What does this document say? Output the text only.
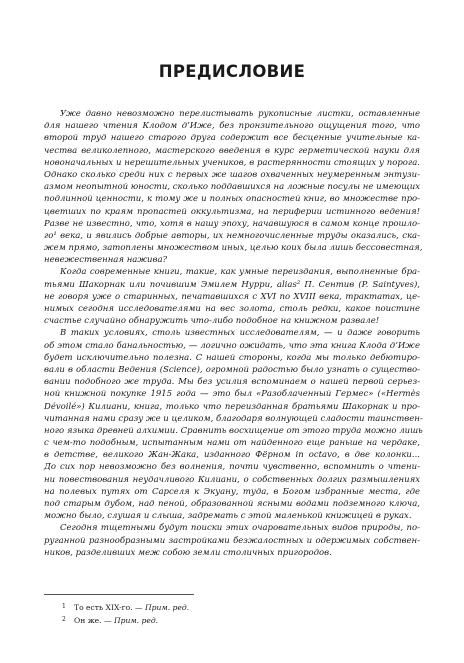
ПРЕДИСЛОВИЕ
Уже давно невозможно перелистывать рукописные листки, оставленные
для нашего чтения Клодом д’Иже, без пронзительного ощущения того, что
второй труд нашего старого друга содержит все бесценные учительные ка-
чества великолепного, мастерского введения в курс герметической науки для
новоначальных и нерешительных учеников, в растерянности стоящих у порога.
Однако сколько среди них с первых же шагов охваченных неумеренным энтузи-
азмом неопытной юности, сколько поддавшихся на ложные посулы не имеющих
подлинной ценности, к тому же и полных опасностей книг, во множестве про-
цветших по краям пропастей оккультизма, на периферии истинного ведения!
Разве не известно, что, хотя в нашу эпоху, начавшуюся в самом конце прошло-
го¹ века, и явились добрые авторы, их немногочисленные труды оказались, ска-
жем прямо, затоплены множеством иных, целью коих была лишь бессовестная,
невежественная нажива?
Когда современные книги, такие, как умные переиздания, выполненные бра-
тьями Шакорнак или почившим Эмилем Нурри, alias² П. Сентив (P. Saintyves),
не говоря уже о старинных, печатавшихся с XVI по XVIII века, трактатах, це-
нимых сегодня исследователями на вес золота, столь редки, какое поистине
счастье случайно обнаружить что-либо подобное на книжном развале!
В таких условиях, столь известных исследователям, — и даже говорить
об этом стало банальностью, — логично ожидать, что эта книга Клода д’Иже
будет исключительно полезна. С нашей стороны, когда мы только дебютиро-
вали в области Ведения (Science), огромной радостью было узнать о существо-
вании подобного же труда. Мы без усилия вспоминаем о нашей первой серьез-
ной книжной покупке 1915 года — это был «Разоблаченный Гермес» («Hermès
Dévoilé») Килиани, книга, только что переизданная братьями Шакорнак и про-
читанная нами сразу же и целиком, благодаря волнующей сладости таинствен-
ного языка древней алхимии. Сравнить восхищение от этого труда можно лишь
с чем-то подобным, испытанным нами от найденного еще раньше на чердаке,
в детстве, великого Жан-Жака, изданного Фёрном in octavo, в две колонки...
До сих пор невозможно без волнения, почти чувственно, вспомнить о чтени-
ни повествования неудачливого Килиани, о собственных долгих размышлениях
на полевых путях от Сарселя к Экуану, туда, в Богом избранные места, где
под старым дубом, над пеной, образованной ясными водами подземного ключа,
можно было, слушая и слыша, задремать с этой маленькой книжицей в руках.
Сегодня тщетными будут поиски этих очаровательных видов природы, по-
руганной разнообразными застройками безжалостных и одержимых собствен-
ников, разделивших меж собою земли столичных пригородов.
1 То есть XIX-го. — Прим. ред.
2 Он же. — Прим. ред.
